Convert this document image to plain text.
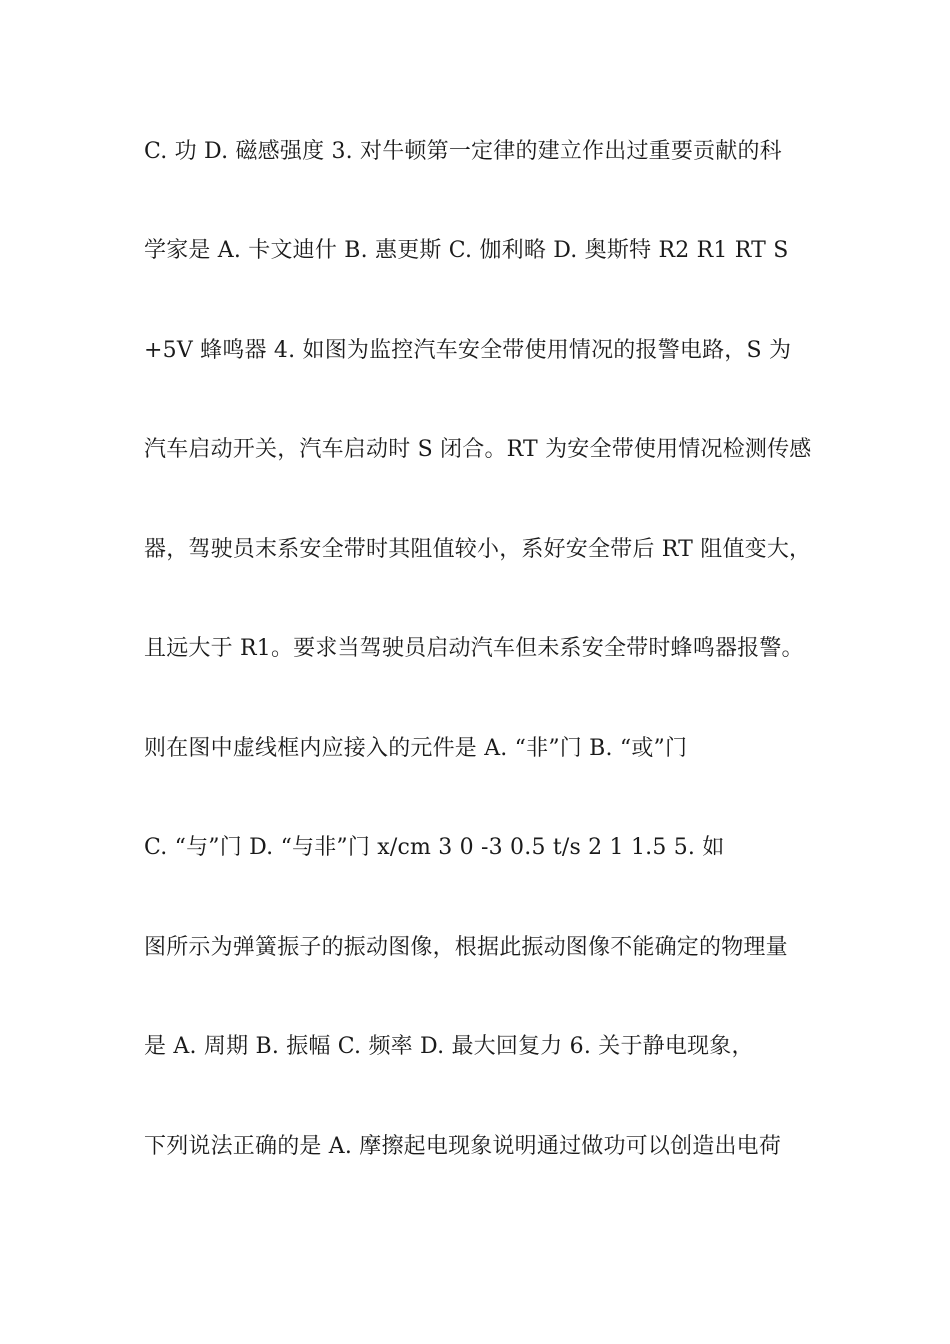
C. 功 D. 磁感强度 3. 对牛顿第一定律的建立作出过重要贡献的科
学家是 A. 卡文迪什 B. 惠更斯 C. 伽利略 D. 奥斯特 R2 R1 RT S
+5V 蜂鸣器 4. 如图为监控汽车安全带使用情况的报警电路，S 为
汽车启动开关，汽车启动时 S 闭合。RT 为安全带使用情况检测传感
器，驾驶员末系安全带时其阻值较小，系好安全带后 RT 阻值变大，
且远大于 R1。要求当驾驶员启动汽车但未系安全带时蜂鸣器报警。
则在图中虚线框内应接入的元件是 A. “非”门 B. “或”门
C. “与”门 D. “与非”门 x/cm 3 0 -3 0.5 t/s 2 1 1.5 5. 如
图所示为弹簧振子的振动图像，根据此振动图像不能确定的物理量
是 A. 周期 B. 振幅 C. 频率 D. 最大回复力 6. 关于静电现象，
下列说法正确的是 A. 摩擦起电现象说明通过做功可以创造出电荷
